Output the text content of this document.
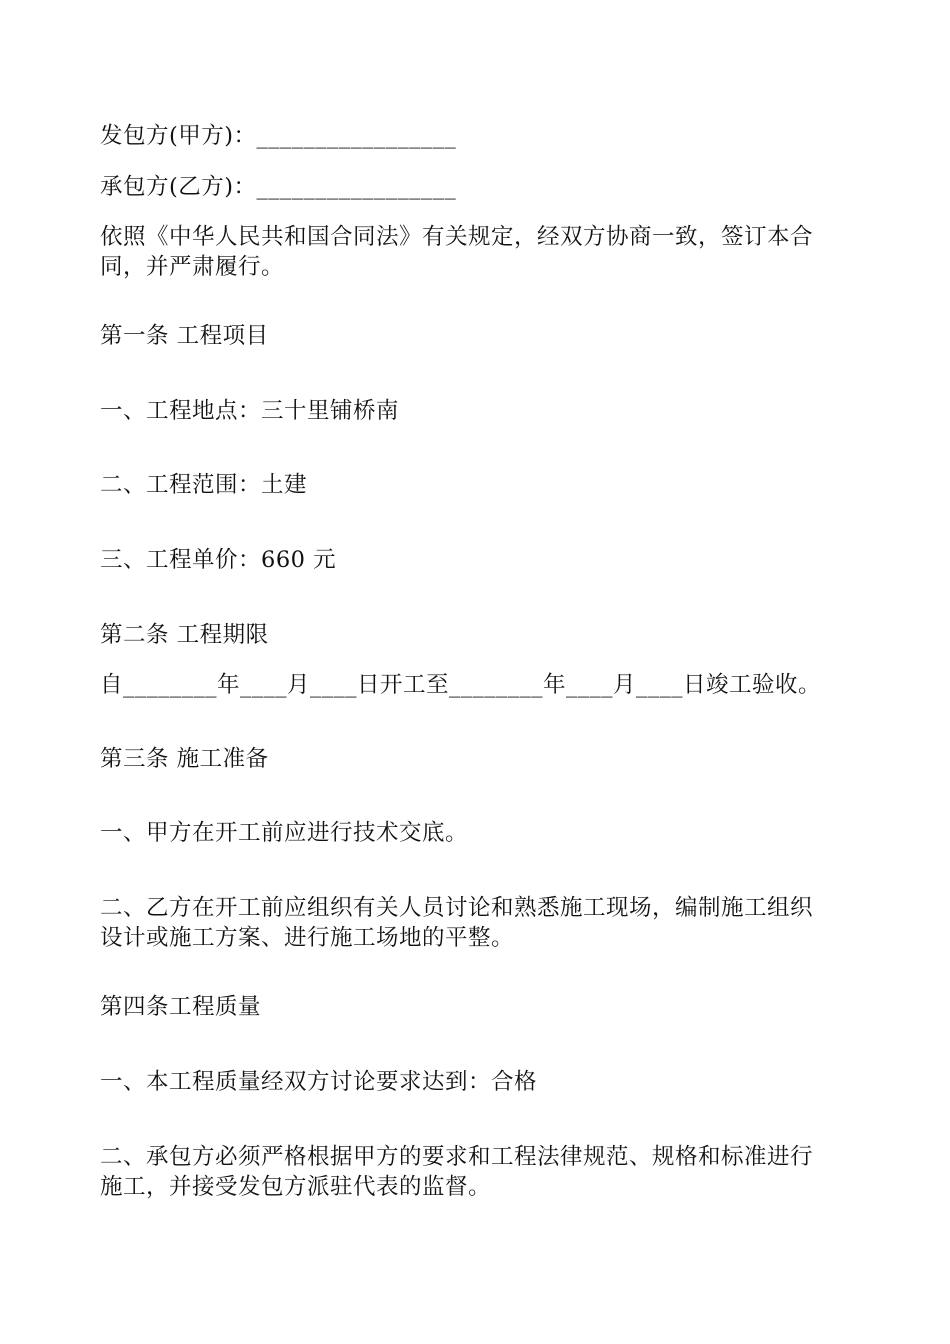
发包方(甲方)：_________________
承包方(乙方)：_________________
依照《中华人民共和国合同法》有关规定，经双方协商一致，签订本合
同，并严肃履行。
第一条 工程项目
一、工程地点：三十里铺桥南
二、工程范围：土建
三、工程单价：660 元
第二条 工程期限
自________年____月____日开工至________年____月____日竣工验收。
第三条 施工准备
一、甲方在开工前应进行技术交底。
二、乙方在开工前应组织有关人员讨论和熟悉施工现场，编制施工组织
设计或施工方案、进行施工场地的平整。
第四条工程质量
一、本工程质量经双方讨论要求达到：合格
二、承包方必须严格根据甲方的要求和工程法律规范、规格和标准进行
施工，并接受发包方派驻代表的监督。
